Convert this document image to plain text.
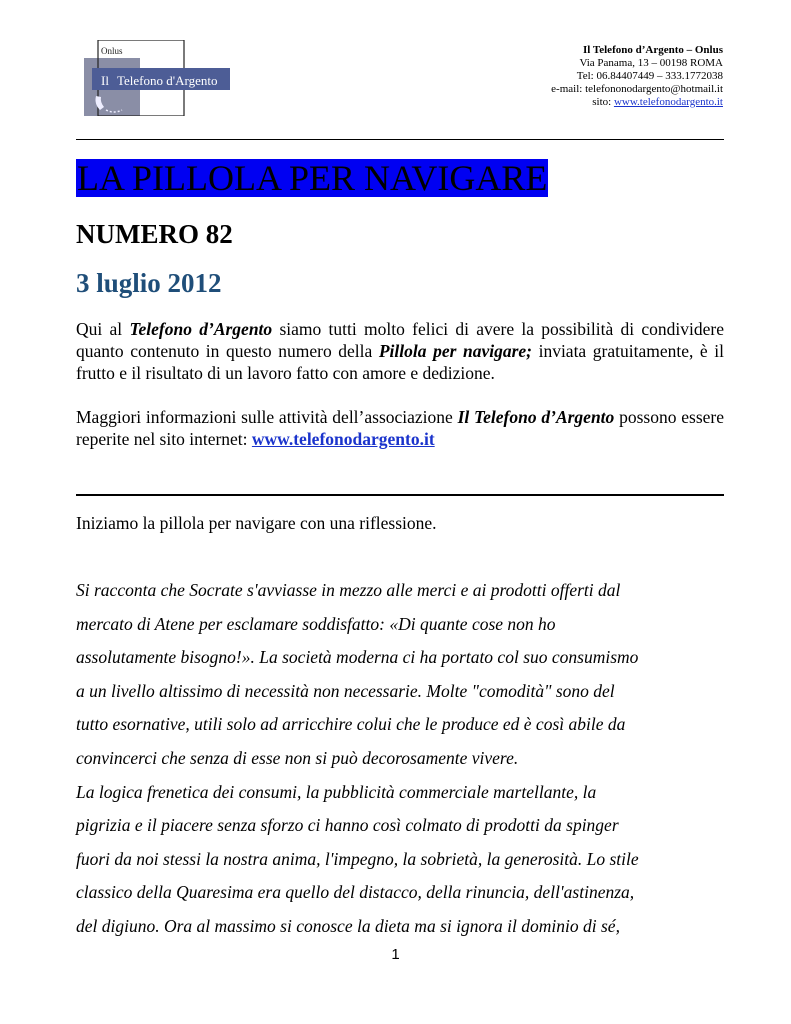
Onlus
Il Telefono d'Argento
Il Telefono d’Argento – Onlus
Via Panama, 13 – 00198 ROMA
Tel: 06.84407449 – 333.1772038
e-mail: telefononodargento@hotmail.it
sito: www.telefonodargento.it
LA PILLOLA PER NAVIGARE
NUMERO 82
3 luglio 2012

Qui al Telefono d’Argento siamo tutti molto felici di avere la possibilità di condividere quanto contenuto in questo numero della Pillola per navigare; inviata gratuitamente, è il frutto e il risultato di un lavoro fatto con amore e dedizione.

Maggiori informazioni sulle attività dell’associazione Il Telefono d’Argento possono essere reperite nel sito internet: www.telefonodargento.it

Iniziamo la pillola per navigare con una riflessione.

Si racconta che Socrate s'avviasse in mezzo alle merci e ai prodotti offerti dal
mercato di Atene per esclamare soddisfatto: «Di quante cose non ho
assolutamente bisogno!». La società moderna ci ha portato col suo consumismo
a un livello altissimo di necessità non necessarie. Molte "comodità" sono del
tutto esornative, utili solo ad arricchire colui che le produce ed è così abile da
convincerci che senza di esse non si può decorosamente vivere.
La logica frenetica dei consumi, la pubblicità commerciale martellante, la
pigrizia e il piacere senza sforzo ci hanno così colmato di prodotti da spinger
fuori da noi stessi la nostra anima, l'impegno, la sobrietà, la generosità. Lo stile
classico della Quaresima era quello del distacco, della rinuncia, dell'astinenza,
del digiuno. Ora al massimo si conosce la dieta ma si ignora il dominio di sé,

1
